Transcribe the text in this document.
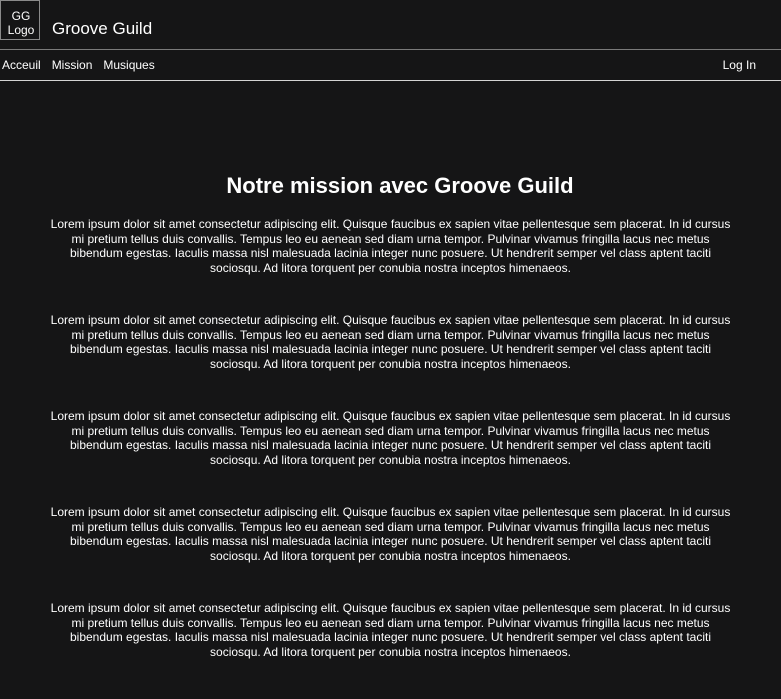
GG
Logo	Groove Guild
Acceuil Mission Musiques	Log In
Notre mission avec Groove Guild

Lorem ipsum dolor sit amet consectetur adipiscing elit. Quisque faucibus ex sapien vitae pellentesque sem placerat. In id cursus mi pretium tellus duis convallis. Tempus leo eu aenean sed diam urna tempor. Pulvinar vivamus fringilla lacus nec metus bibendum egestas. Iaculis massa nisl malesuada lacinia integer nunc posuere. Ut hendrerit semper vel class aptent taciti sociosqu. Ad litora torquent per conubia nostra inceptos himenaeos.

Lorem ipsum dolor sit amet consectetur adipiscing elit. Quisque faucibus ex sapien vitae pellentesque sem placerat. In id cursus mi pretium tellus duis convallis. Tempus leo eu aenean sed diam urna tempor. Pulvinar vivamus fringilla lacus nec metus bibendum egestas. Iaculis massa nisl malesuada lacinia integer nunc posuere. Ut hendrerit semper vel class aptent taciti sociosqu. Ad litora torquent per conubia nostra inceptos himenaeos.

Lorem ipsum dolor sit amet consectetur adipiscing elit. Quisque faucibus ex sapien vitae pellentesque sem placerat. In id cursus mi pretium tellus duis convallis. Tempus leo eu aenean sed diam urna tempor. Pulvinar vivamus fringilla lacus nec metus bibendum egestas. Iaculis massa nisl malesuada lacinia integer nunc posuere. Ut hendrerit semper vel class aptent taciti sociosqu. Ad litora torquent per conubia nostra inceptos himenaeos.

Lorem ipsum dolor sit amet consectetur adipiscing elit. Quisque faucibus ex sapien vitae pellentesque sem placerat. In id cursus mi pretium tellus duis convallis. Tempus leo eu aenean sed diam urna tempor. Pulvinar vivamus fringilla lacus nec metus bibendum egestas. Iaculis massa nisl malesuada lacinia integer nunc posuere. Ut hendrerit semper vel class aptent taciti sociosqu. Ad litora torquent per conubia nostra inceptos himenaeos.

Lorem ipsum dolor sit amet consectetur adipiscing elit. Quisque faucibus ex sapien vitae pellentesque sem placerat. In id cursus mi pretium tellus duis convallis. Tempus leo eu aenean sed diam urna tempor. Pulvinar vivamus fringilla lacus nec metus bibendum egestas. Iaculis massa nisl malesuada lacinia integer nunc posuere. Ut hendrerit semper vel class aptent taciti sociosqu. Ad litora torquent per conubia nostra inceptos himenaeos.
